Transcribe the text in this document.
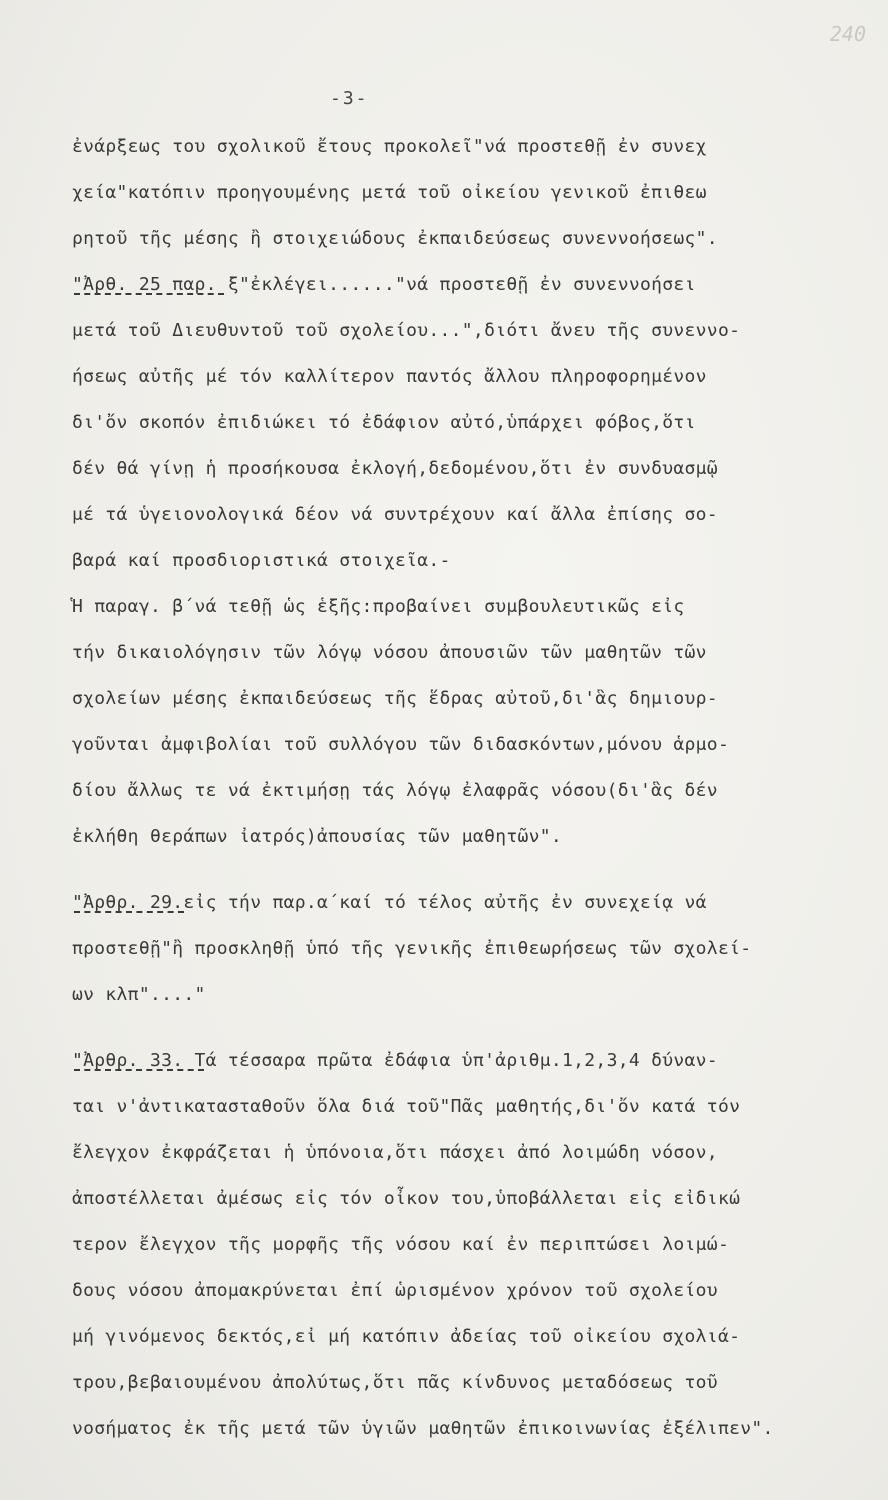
240
-3-
ἐνάρξεως του σχολικοῦ ἔτους προκολεῖ"νά προστεθῇ ἐν συνεχ
χεία"κατόπιν προηγουμένης μετά τοῦ οἰκείου γενικοῦ ἐπιθεω
ρητοῦ τῆς μέσης ἢ στοιχειώδους ἐκπαιδεύσεως συνεννοήσεως".
"Ἀρθ. 25 παρ. ξ"ἐκλέγει......"νά προστεθῇ ἐν συνεννοήσει
μετά τοῦ Διευθυντοῦ τοῦ σχολείου...",διότι ἄνευ τῆς συνεννο-
ήσεως αὐτῆς μέ τόν καλλίτερον παντός ἄλλου πληροφορημένον
δι'ὄν σκοπόν ἐπιδιώκει τό ἐδάφιον αὐτό,ὑπάρχει φόβος,ὅτι
δέν θά γίνῃ ἡ προσήκουσα ἐκλογή,δεδομένου,ὅτι ἐν συνδυασμῷ
μέ τά ὑγειονολογικά δέον νά συντρέχουν καί ἄλλα ἐπίσης σο-
βαρά καί προσδιοριστικά στοιχεῖα.-
Ἡ παραγ. β΄νά τεθῇ ὡς ἑξῆς:προβαίνει συμβουλευτικῶς εἰς
τήν δικαιολόγησιν τῶν λόγῳ νόσου ἀπουσιῶν τῶν μαθητῶν τῶν
σχολείων μέσης ἐκπαιδεύσεως τῆς ἕδρας αὐτοῦ,δι'ἃς δημιουρ-
γοῦνται ἀμφιβολίαι τοῦ συλλόγου τῶν διδασκόντων,μόνου ἁρμο-
δίου ἄλλως τε νά ἐκτιμήσῃ τάς λόγῳ ἐλαφρᾶς νόσου(δι'ἃς δέν
ἐκλήθη θεράπων ἰατρός)ἀπουσίας τῶν μαθητῶν".
"Ἀρθρ. 29.εἰς τήν παρ.α΄καί τό τέλος αὐτῆς ἐν συνεχείᾳ νά
προστεθῇ"ἢ προσκληθῇ ὑπό τῆς γενικῆς ἐπιθεωρήσεως τῶν σχολεί-
ων κλπ"...."
"Ἀρθρ. 33. Τά τέσσαρα πρῶτα ἐδάφια ὑπ'ἀριθμ.1,2,3,4 δύναν-
ται ν'ἀντικατασταθοῦν ὅλα διά τοῦ"Πᾶς μαθητής,δι'ὄν κατά τόν
ἔλεγχον ἐκφράζεται ἡ ὑπόνοια,ὅτι πάσχει ἀπό λοιμώδη νόσον,
ἀποστέλλεται ἀμέσως εἰς τόν οἶκον του,ὑποβάλλεται εἰς εἰδικώ
τερον ἔλεγχον τῆς μορφῆς τῆς νόσου καί ἐν περιπτώσει λοιμώ-
δους νόσου ἀπομακρύνεται ἐπί ὡρισμένον χρόνον τοῦ σχολείου
μή γινόμενος δεκτός,εἰ μή κατόπιν ἀδείας τοῦ οἰκείου σχολιά-
τρου,βεβαιουμένου ἀπολύτως,ὅτι πᾶς κίνδυνος μεταδόσεως τοῦ
νοσήματος ἐκ τῆς μετά τῶν ὑγιῶν μαθητῶν ἐπικοινωνίας ἐξέλιπεν".
